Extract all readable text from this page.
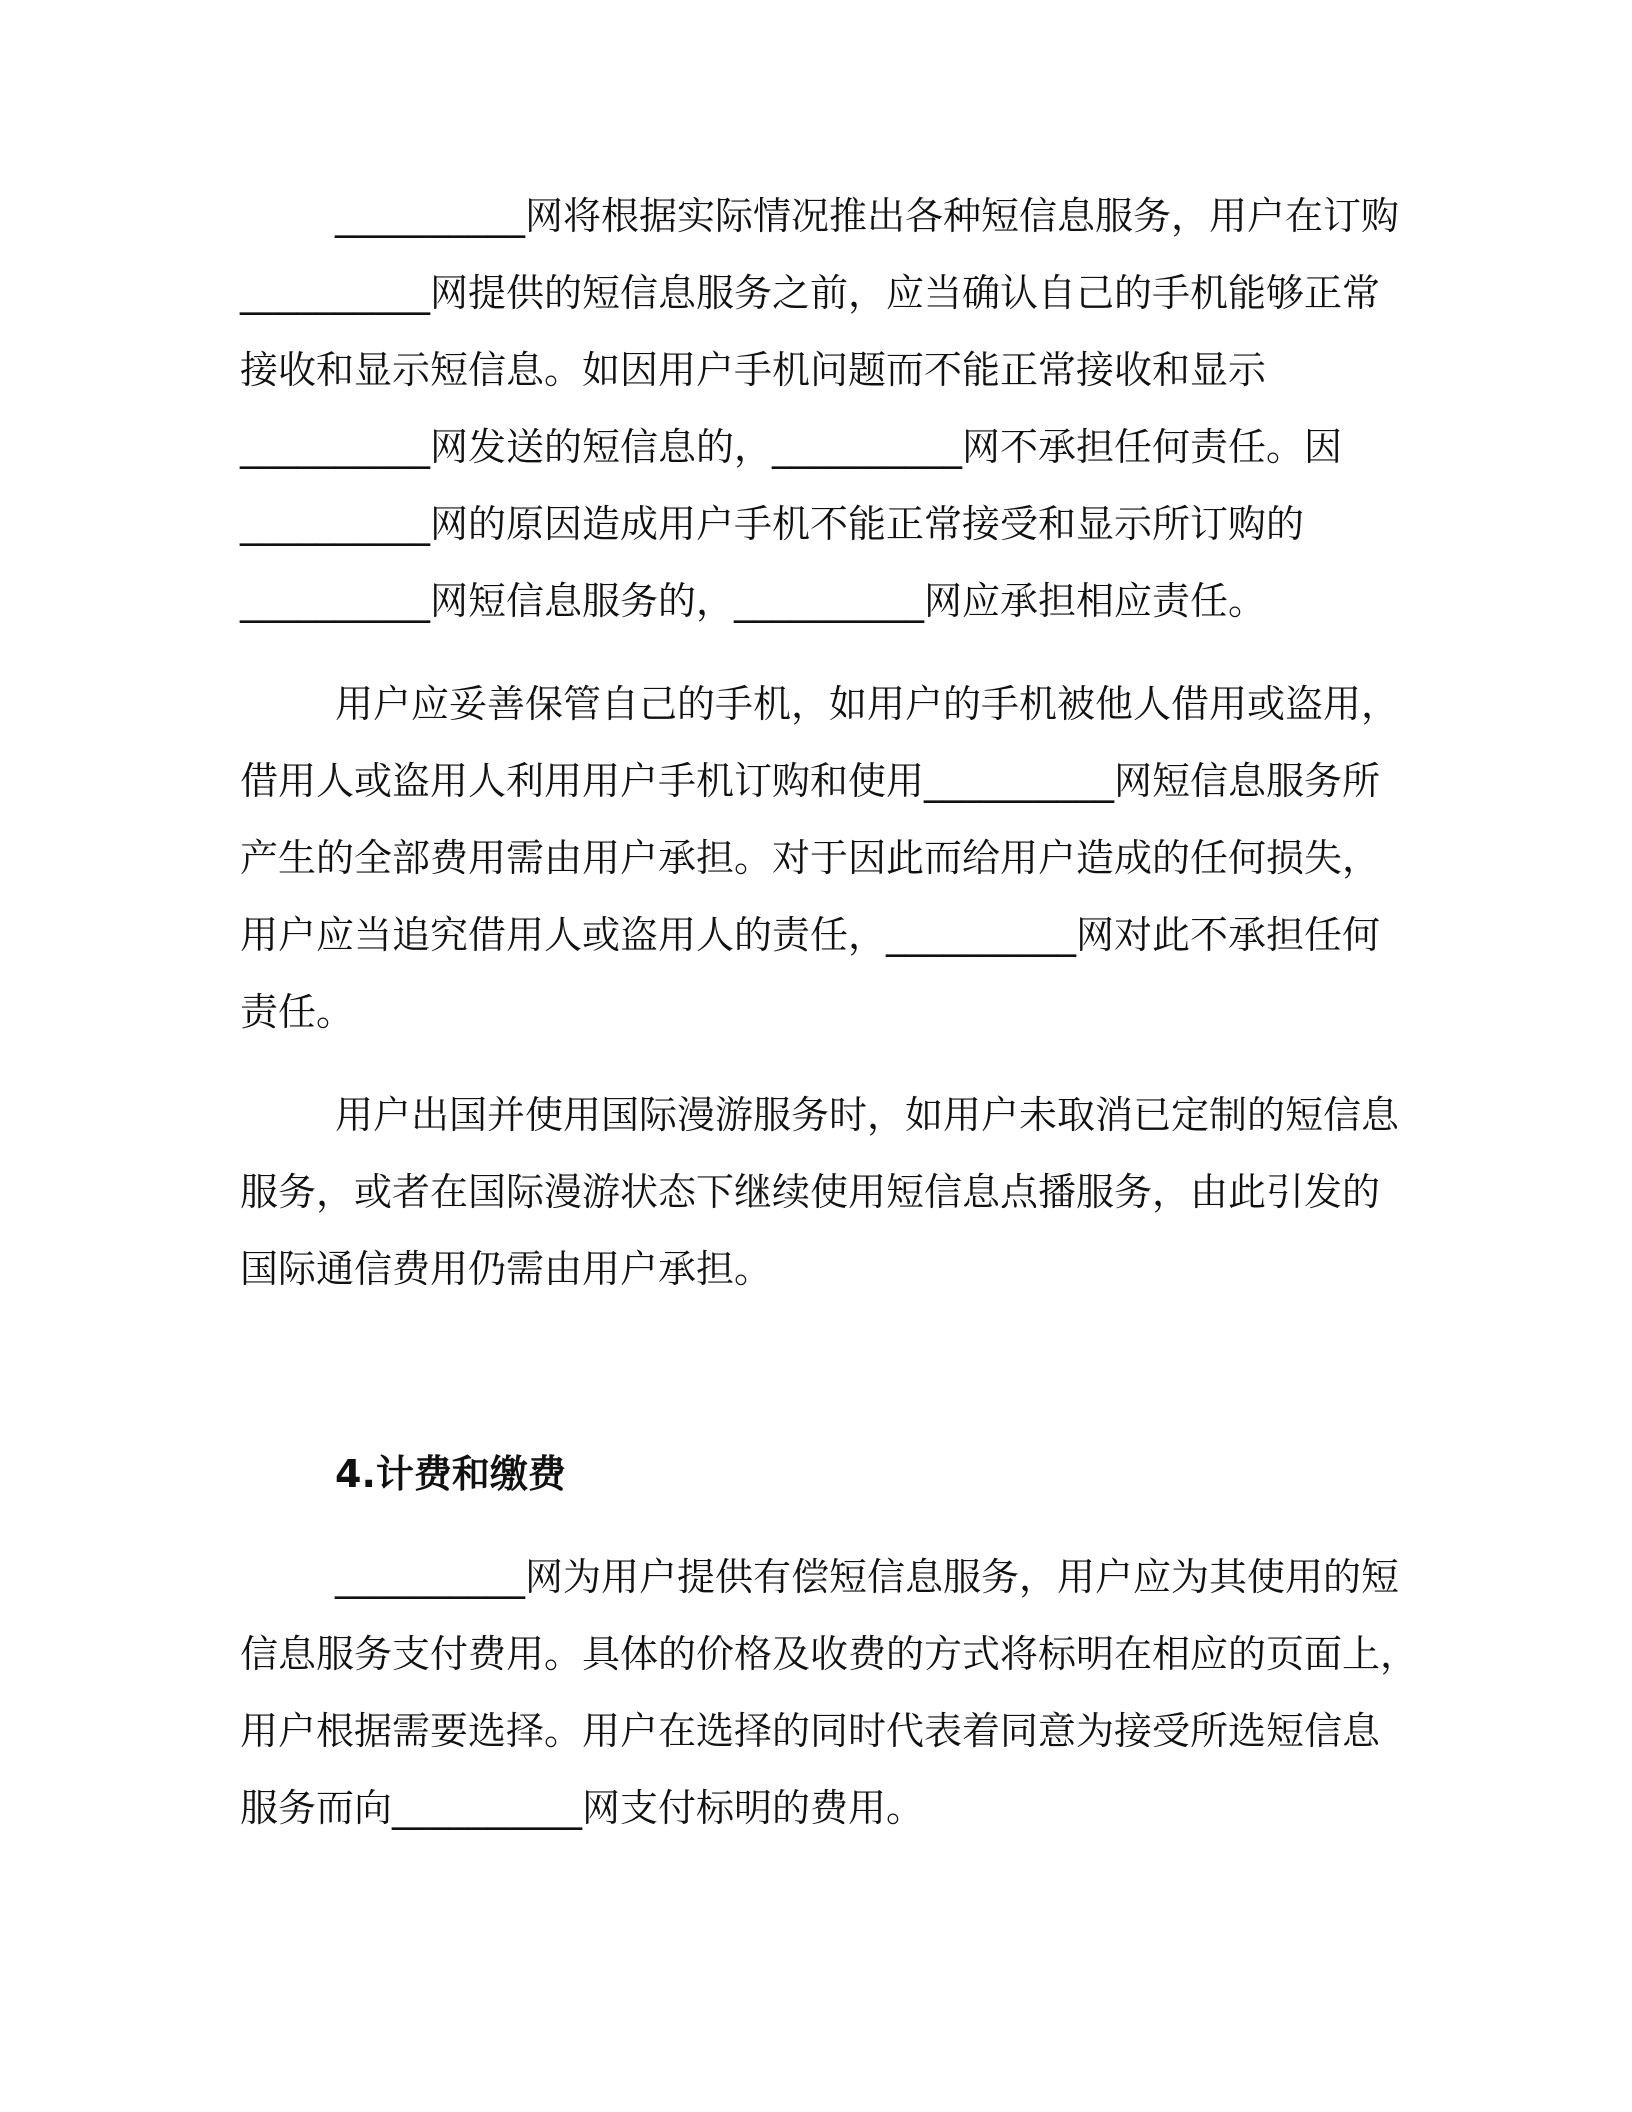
__________网将根据实际情况推出各种短信息服务，用户在订购

__________网提供的短信息服务之前，应当确认自己的手机能够正常

接收和显示短信息。如因用户手机问题而不能正常接收和显示

__________网发送的短信息的，__________网不承担任何责任。因

__________网的原因造成用户手机不能正常接受和显示所订购的

__________网短信息服务的，__________网应承担相应责任。

用户应妥善保管自己的手机，如用户的手机被他人借用或盗用，

借用人或盗用人利用用户手机订购和使用__________网短信息服务所

产生的全部费用需由用户承担。对于因此而给用户造成的任何损失，

用户应当追究借用人或盗用人的责任，__________网对此不承担任何

责任。

用户出国并使用国际漫游服务时，如用户未取消已定制的短信息

服务，或者在国际漫游状态下继续使用短信息点播服务，由此引发的

国际通信费用仍需由用户承担。

4.计费和缴费

__________网为用户提供有偿短信息服务，用户应为其使用的短

信息服务支付费用。具体的价格及收费的方式将标明在相应的页面上，

用户根据需要选择。用户在选择的同时代表着同意为接受所选短信息

服务而向__________网支付标明的费用。
